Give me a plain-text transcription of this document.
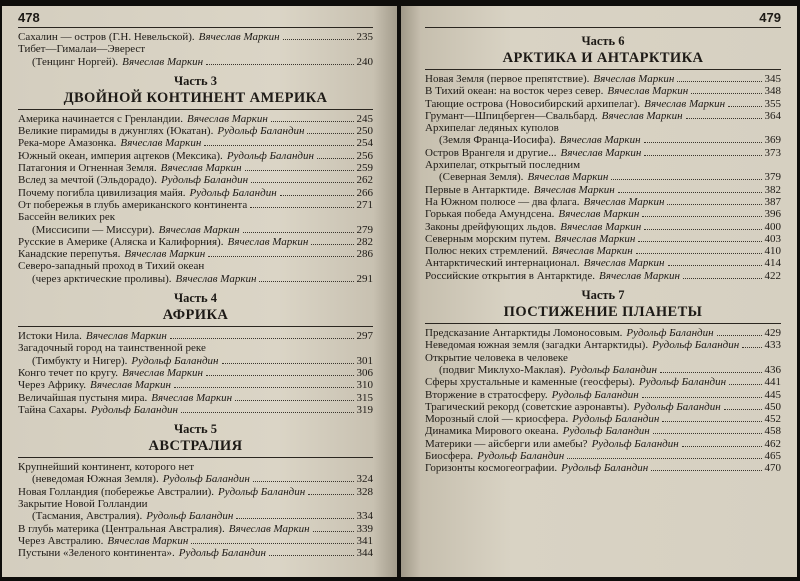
478
Сахалин — остров (Г.Н. Невельской). Вячеслав Маркин	235
Тибет—Гималаи—Эверест
(Тенцинг Норгей). Вячеслав Маркин	240
Часть 3
ДВОЙНОЙ КОНТИНЕНТ АМЕРИКА
Америка начинается с Гренландии. Вячеслав Маркин	245
Великие пирамиды в джунглях (Юкатан). Рудольф Баландин	250
Река-море Амазонка. Вячеслав Маркин	254
Южный океан, империя ацтеков (Мексика). Рудольф Баландин	256
Патагония и Огненная Земля. Вячеслав Маркин	259
Вслед за мечтой (Эльдорадо). Рудольф Баландин	262
Почему погибла цивилизация майя. Рудольф Баландин	266
От побережья в глубь американского континента	271
Бассейн великих рек
(Миссисипи — Миссури). Вячеслав Маркин	279
Русские в Америке (Аляска и Калифорния). Вячеслав Маркин	282
Канадские перепутья. Вячеслав Маркин	286
Северо-западный проход в Тихий океан
(через арктические проливы). Вячеслав Маркин	291
Часть 4
АФРИКА
Истоки Нила. Вячеслав Маркин	297
Загадочный город на таинственной реке
(Тимбукту и Нигер). Рудольф Баландин	301
Конго течет по кругу. Вячеслав Маркин	306
Через Африку. Вячеслав Маркин	310
Величайшая пустыня мира. Вячеслав Маркин	315
Тайна Сахары. Рудольф Баландин	319
Часть 5
АВСТРАЛИЯ
Крупнейший континент, которого нет
(неведомая Южная Земля). Рудольф Баландин	324
Новая Голландия (побережье Австралии). Рудольф Баландин	328
Закрытие Новой Голландии
(Тасмания, Австралия). Рудольф Баландин	334
В глубь материка (Центральная Австралия). Вячеслав Маркин	339
Через Австралию. Вячеслав Маркин	341
Пустыни «Зеленого континента». Рудольф Баландин	344
479
Часть 6
АРКТИКА И АНТАРКТИКА
Новая Земля (первое препятствие). Вячеслав Маркин	345
В Тихий океан: на восток через север. Вячеслав Маркин	348
Тающие острова (Новосибирский архипелаг). Вячеслав Маркин	355
Грумант—Шпицберген—Свальбард. Вячеслав Маркин	364
Архипелаг ледяных куполов
(Земля Франца-Иосифа). Вячеслав Маркин	369
Остров Врангеля и другие... Вячеслав Маркин	373
Архипелаг, открытый последним
(Северная Земля). Вячеслав Маркин	379
Первые в Антарктиде. Вячеслав Маркин	382
На Южном полюсе — два флага. Вячеслав Маркин	387
Горькая победа Амундсена. Вячеслав Маркин	396
Законы дрейфующих льдов. Вячеслав Маркин	400
Северным морским путем. Вячеслав Маркин	403
Полюс неких стремлений. Вячеслав Маркин	410
Антарктический интернационал. Вячеслав Маркин	414
Российские открытия в Антарктиде. Вячеслав Маркин	422
Часть 7
ПОСТИЖЕНИЕ ПЛАНЕТЫ
Предсказание Антарктиды Ломоносовым. Рудольф Баландин	429
Неведомая южная земля (загадки Антарктиды). Рудольф Баландин 433
Открытие человека в человеке
(подвиг Миклухо-Маклая). Рудольф Баландин	436
Сферы хрустальные и каменные (геосферы). Рудольф Баландин	441
Вторжение в стратосферу. Рудольф Баландин	445
Трагический рекорд (советские аэронавты). Рудольф Баландин	450
Морозный слой — криосфера. Рудольф Баландин	452
Динамика Мирового океана. Рудольф Баландин	458
Материки — айсберги или амебы? Рудольф Баландин	462
Биосфера. Рудольф Баландин	465
Горизонты космогеографии. Рудольф Баландин	470
